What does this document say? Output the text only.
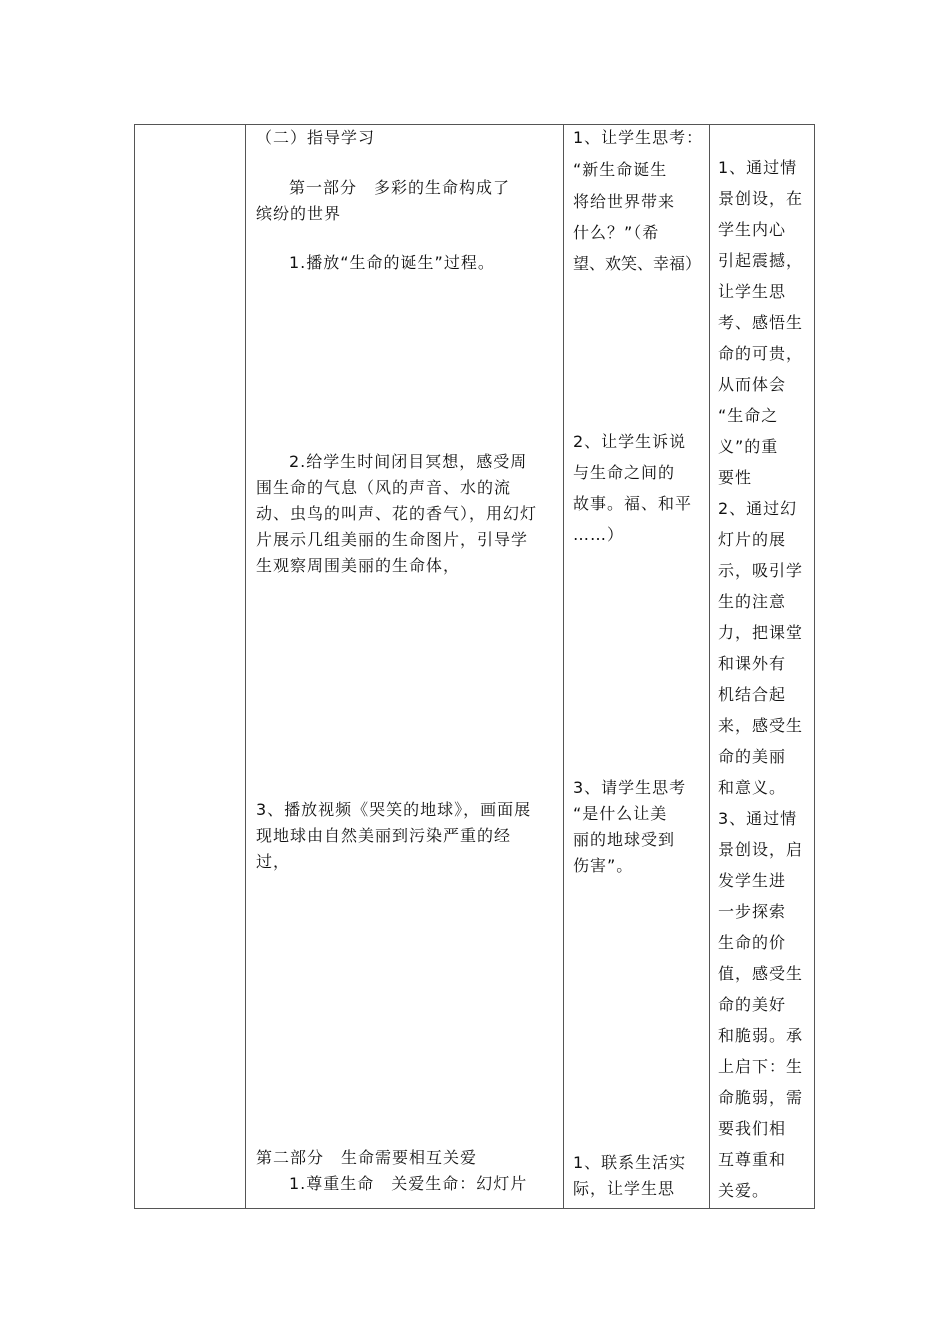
（二）指导学习
第一部分　多彩的生命构成了
缤纷的世界
1.播放“生命的诞生”过程。
2.给学生时间闭目冥想，感受周
围生命的气息（风的声音、水的流
动、虫鸟的叫声、花的香气），用幻灯
片展示几组美丽的生命图片，引导学
生观察周围美丽的生命体，
3、播放视频《哭笑的地球》，画面展
现地球由自然美丽到污染严重的经
过，
第二部分　生命需要相互关爱
1.尊重生命　关爱生命：幻灯片
1、让学生思考：
“新生命诞生
将给世界带来
什么？”（希
望、欢笑、幸福）
2、让学生诉说
与生命之间的
故事。福、和平
……）
3、请学生思考
“是什么让美
丽的地球受到
伤害”。
1、联系生活实
际，让学生思
1、通过情
景创设，在
学生内心
引起震撼，
让学生思
考、感悟生
命的可贵，
从而体会
“生命之
义”的重
要性
2、通过幻
灯片的展
示，吸引学
生的注意
力，把课堂
和课外有
机结合起
来，感受生
命的美丽
和意义。
3、通过情
景创设，启
发学生进
一步探索
生命的价
值，感受生
命的美好
和脆弱。承
上启下：生
命脆弱，需
要我们相
互尊重和
关爱。
